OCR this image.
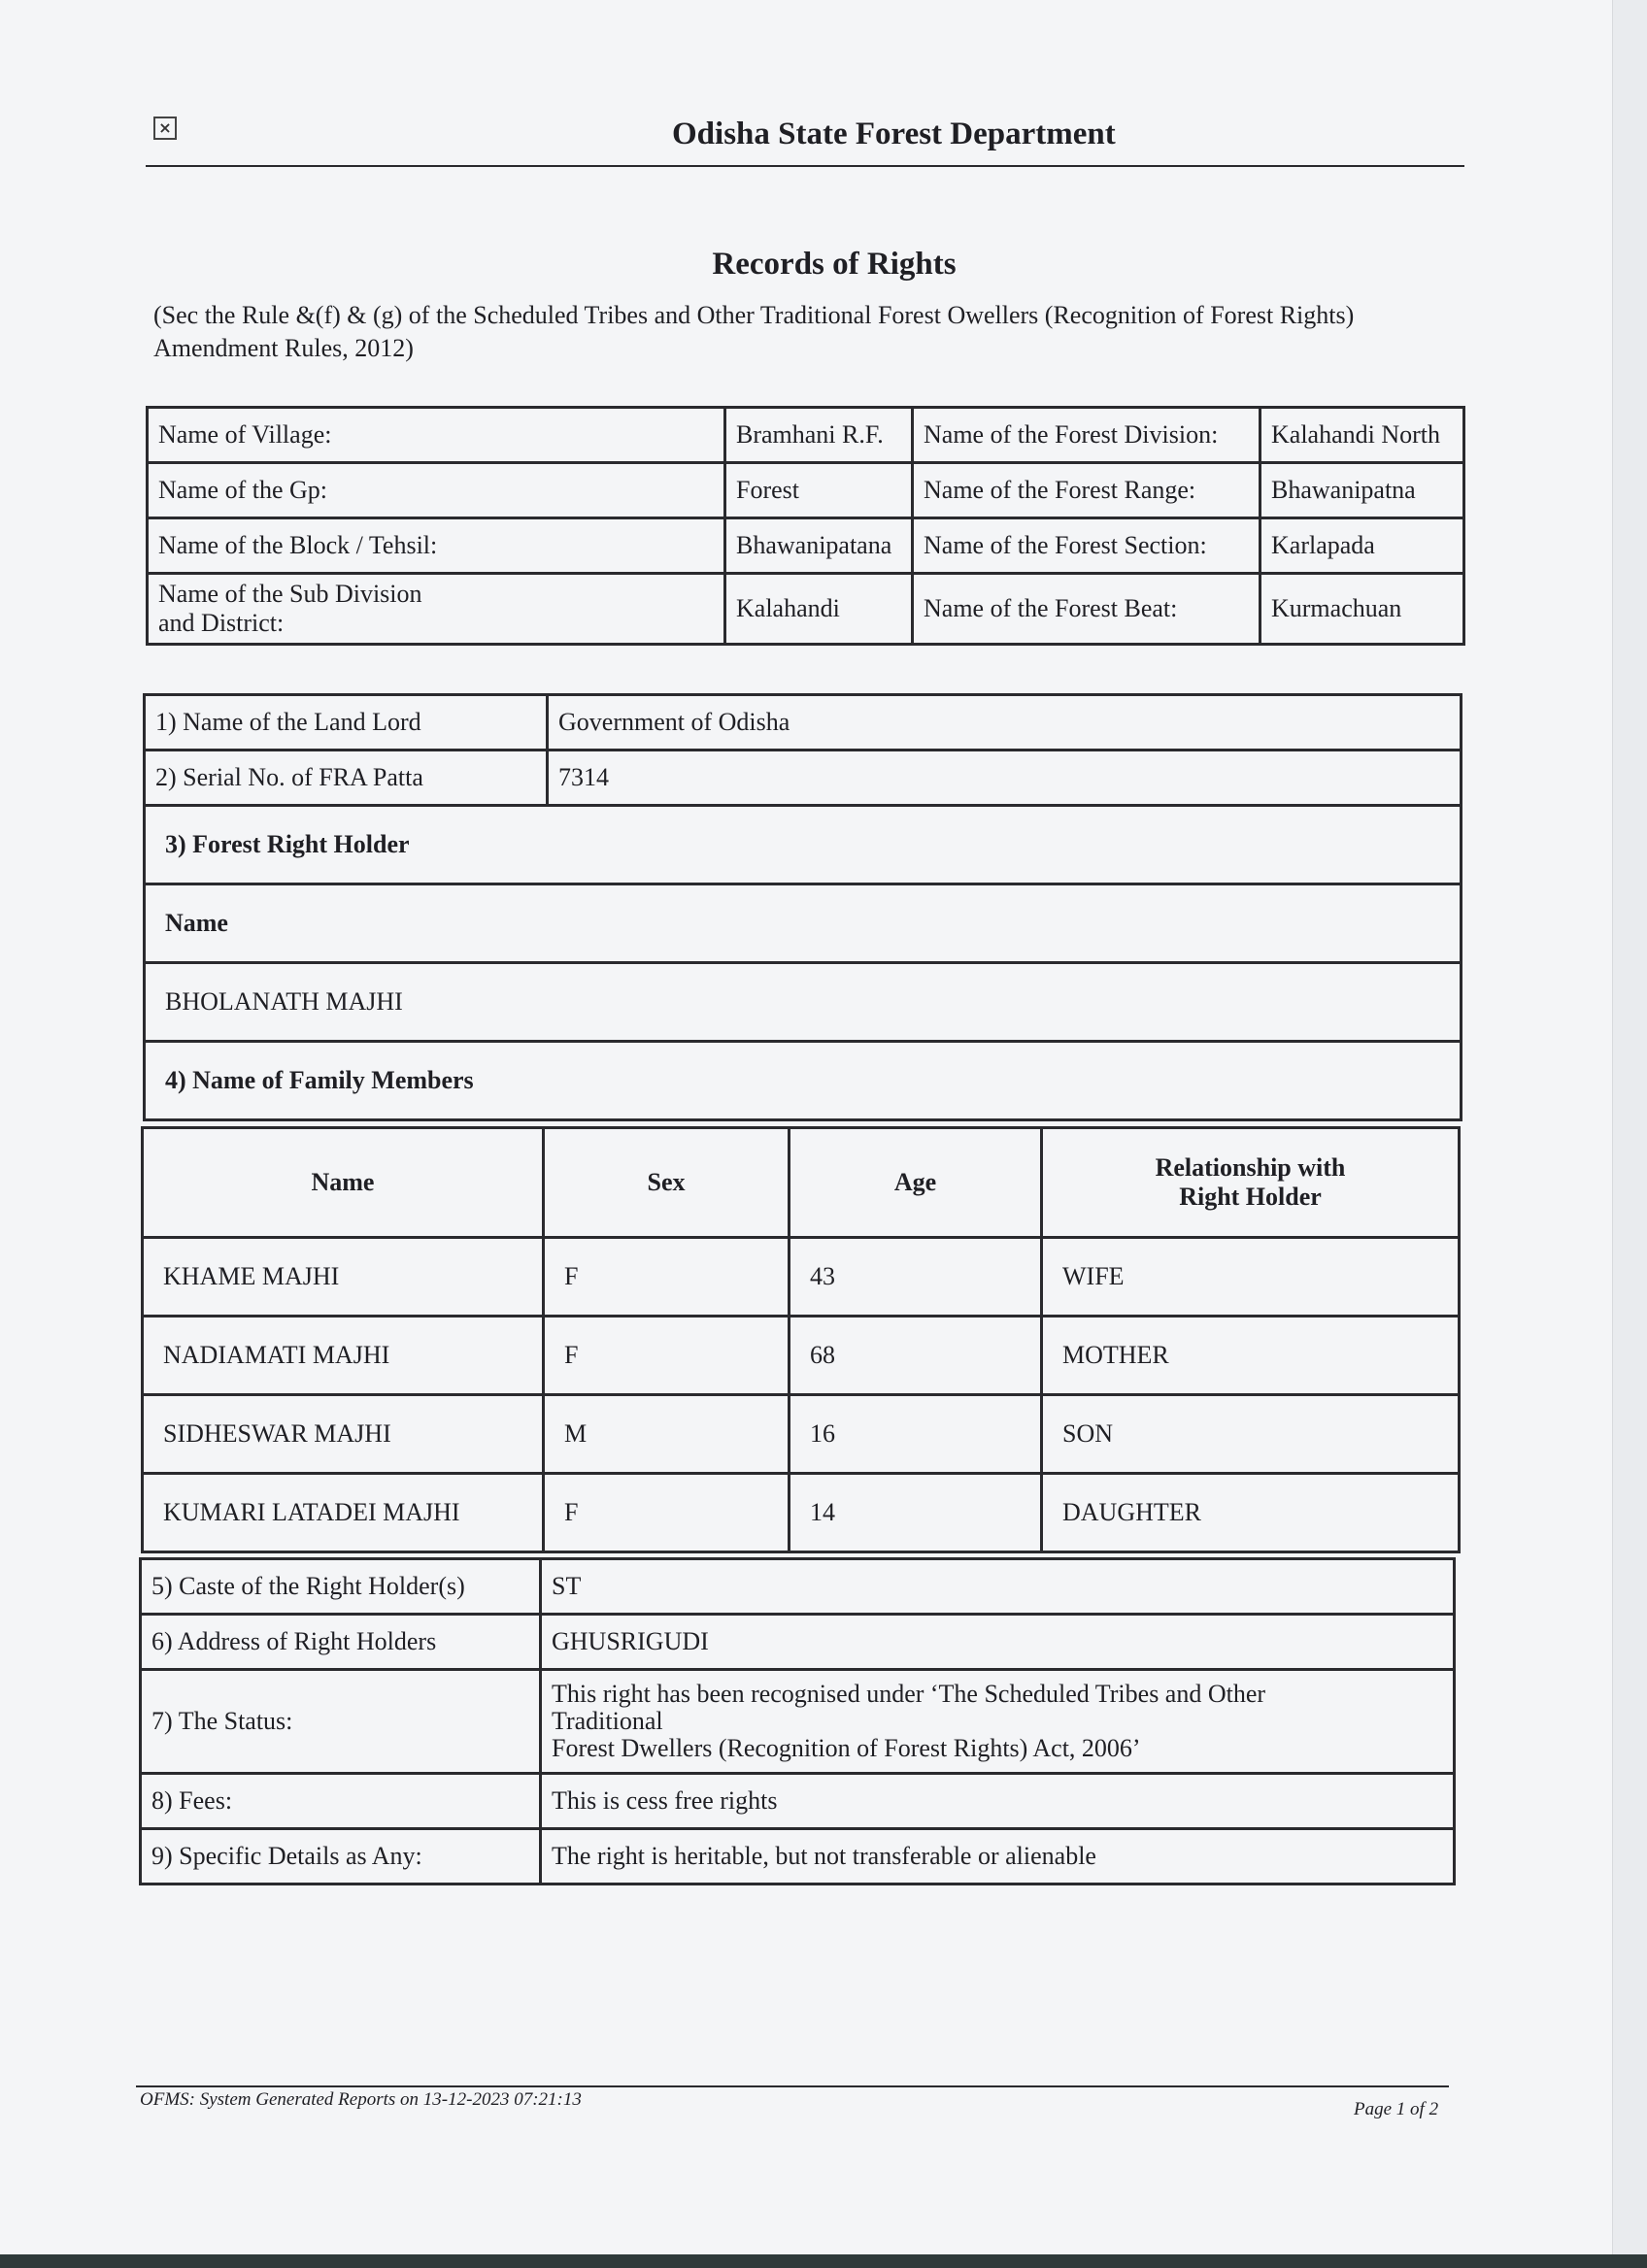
×	Odisha State Forest Department
Records of Rights
(Sec the Rule &(f) & (g) of the Scheduled Tribes and Other Traditional Forest Owellers (Recognition of Forest Rights) Amendment Rules, 2012)
Name of Village:	Bramhani R.F.	Name of the Forest Division:	Kalahandi North
Name of the Gp:	Forest	Name of the Forest Range:	Bhawanipatna
Name of the Block / Tehsil:	Bhawanipatana	Name of the Forest Section:	Karlapada
Name of the Sub Division and District:	Kalahandi	Name of the Forest Beat:	Kurmachuan
1) Name of the Land Lord	Government of Odisha
2) Serial No. of FRA Patta	7314
3) Forest Right Holder	
Name	
BHOLANATH MAJHI	
4) Name of Family Members	
Name	Sex	Age	Relationship with Right Holder
KHAME MAJHI	F	43	WIFE
NADIAMATI MAJHI	F	68	MOTHER
SIDHESWAR MAJHI	M	16	SON
KUMARI LATADEI MAJHI	F	14	DAUGHTER
5) Caste of the Right Holder(s)	ST
6) Address of Right Holders	GHUSRIGUDI
7) The Status:	This right has been recognised under ‘The Scheduled Tribes and Other
Traditional
Forest Dwellers (Recognition of Forest Rights) Act, 2006’

8) Fees:	This is cess free rights
9) Specific Details as Any:	The right is heritable, but not transferable or alienable
OFMS: System Generated Reports on 13-12-2023 07:21:13	Page 1 of 2
